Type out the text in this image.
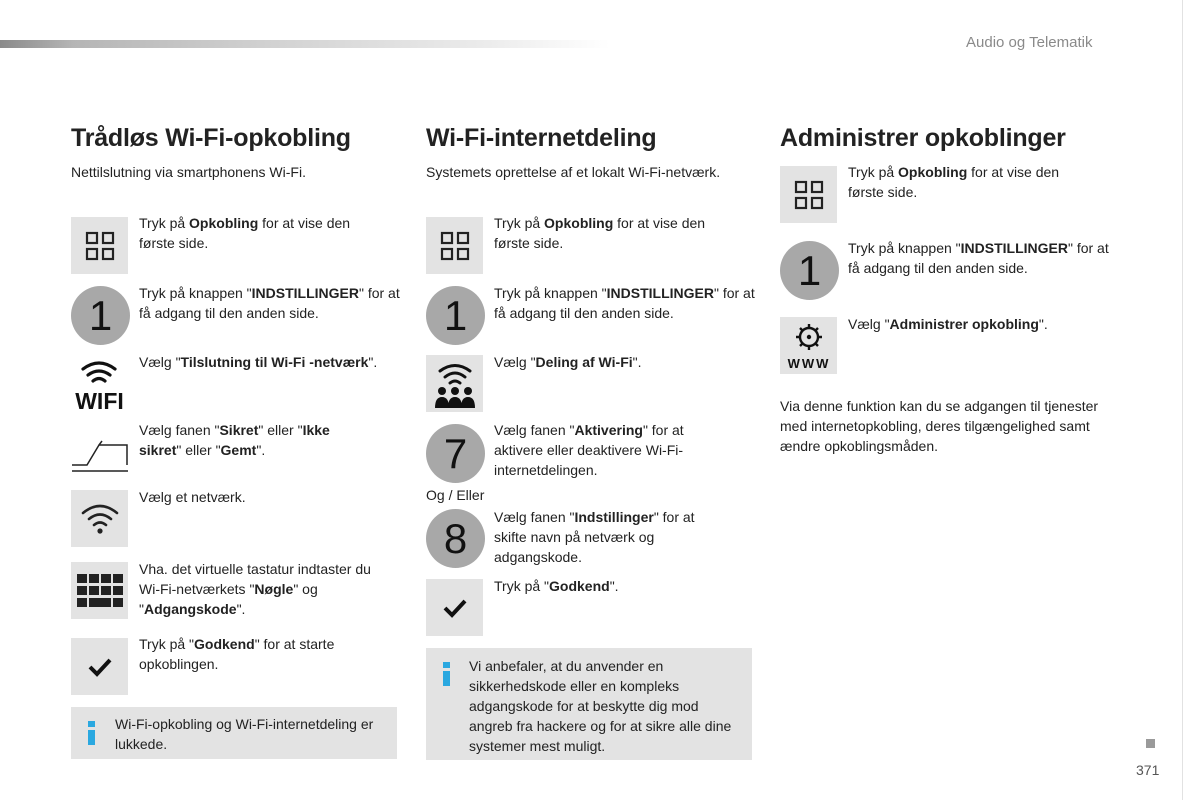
Audio og Telematik
Trådløs Wi-Fi-opkobling
Nettilslutning via smartphonens Wi-Fi.
Tryk på Opkobling for at vise den første side.
1	Tryk på knappen "INDSTILLINGER" for at få adgang til den anden side.
WIFI
Vælg "Tilslutning til Wi-Fi -netværk".
Vælg fanen "Sikret" eller "Ikke sikret" eller "Gemt".
Vælg et netværk.
Vha. det virtuelle tastatur indtaster du Wi-Fi-netværkets "Nøgle" og "Adgangskode".
Tryk på "Godkend" for at starte opkoblingen.
Wi-Fi-opkobling og Wi-Fi-internetdeling er lukkede.
Wi-Fi-internetdeling
Systemets oprettelse af et lokalt Wi-Fi-netværk.
Tryk på Opkobling for at vise den første side.
1	Tryk på knappen "INDSTILLINGER" for at få adgang til den anden side.
Vælg "Deling af Wi-Fi".
7	Vælg fanen "Aktivering" for at aktivere eller deaktivere Wi-Fi-internetdelingen.
Og / Eller
8	Vælg fanen "Indstillinger" for at skifte navn på netværk og adgangskode.
Tryk på "Godkend".
Vi anbefaler, at du anvender en sikkerhedskode eller en kompleks adgangskode for at beskytte dig mod angreb fra hackere og for at sikre alle dine systemer mest muligt.
Administrer opkoblinger
Tryk på Opkobling for at vise den første side.
1	Tryk på knappen "INDSTILLINGER" for at få adgang til den anden side.
WWW
Vælg "Administrer opkobling".
Via denne funktion kan du se adgangen til tjenester med internetopkobling, deres tilgængelighed samt ændre opkoblingsmåden.
371
